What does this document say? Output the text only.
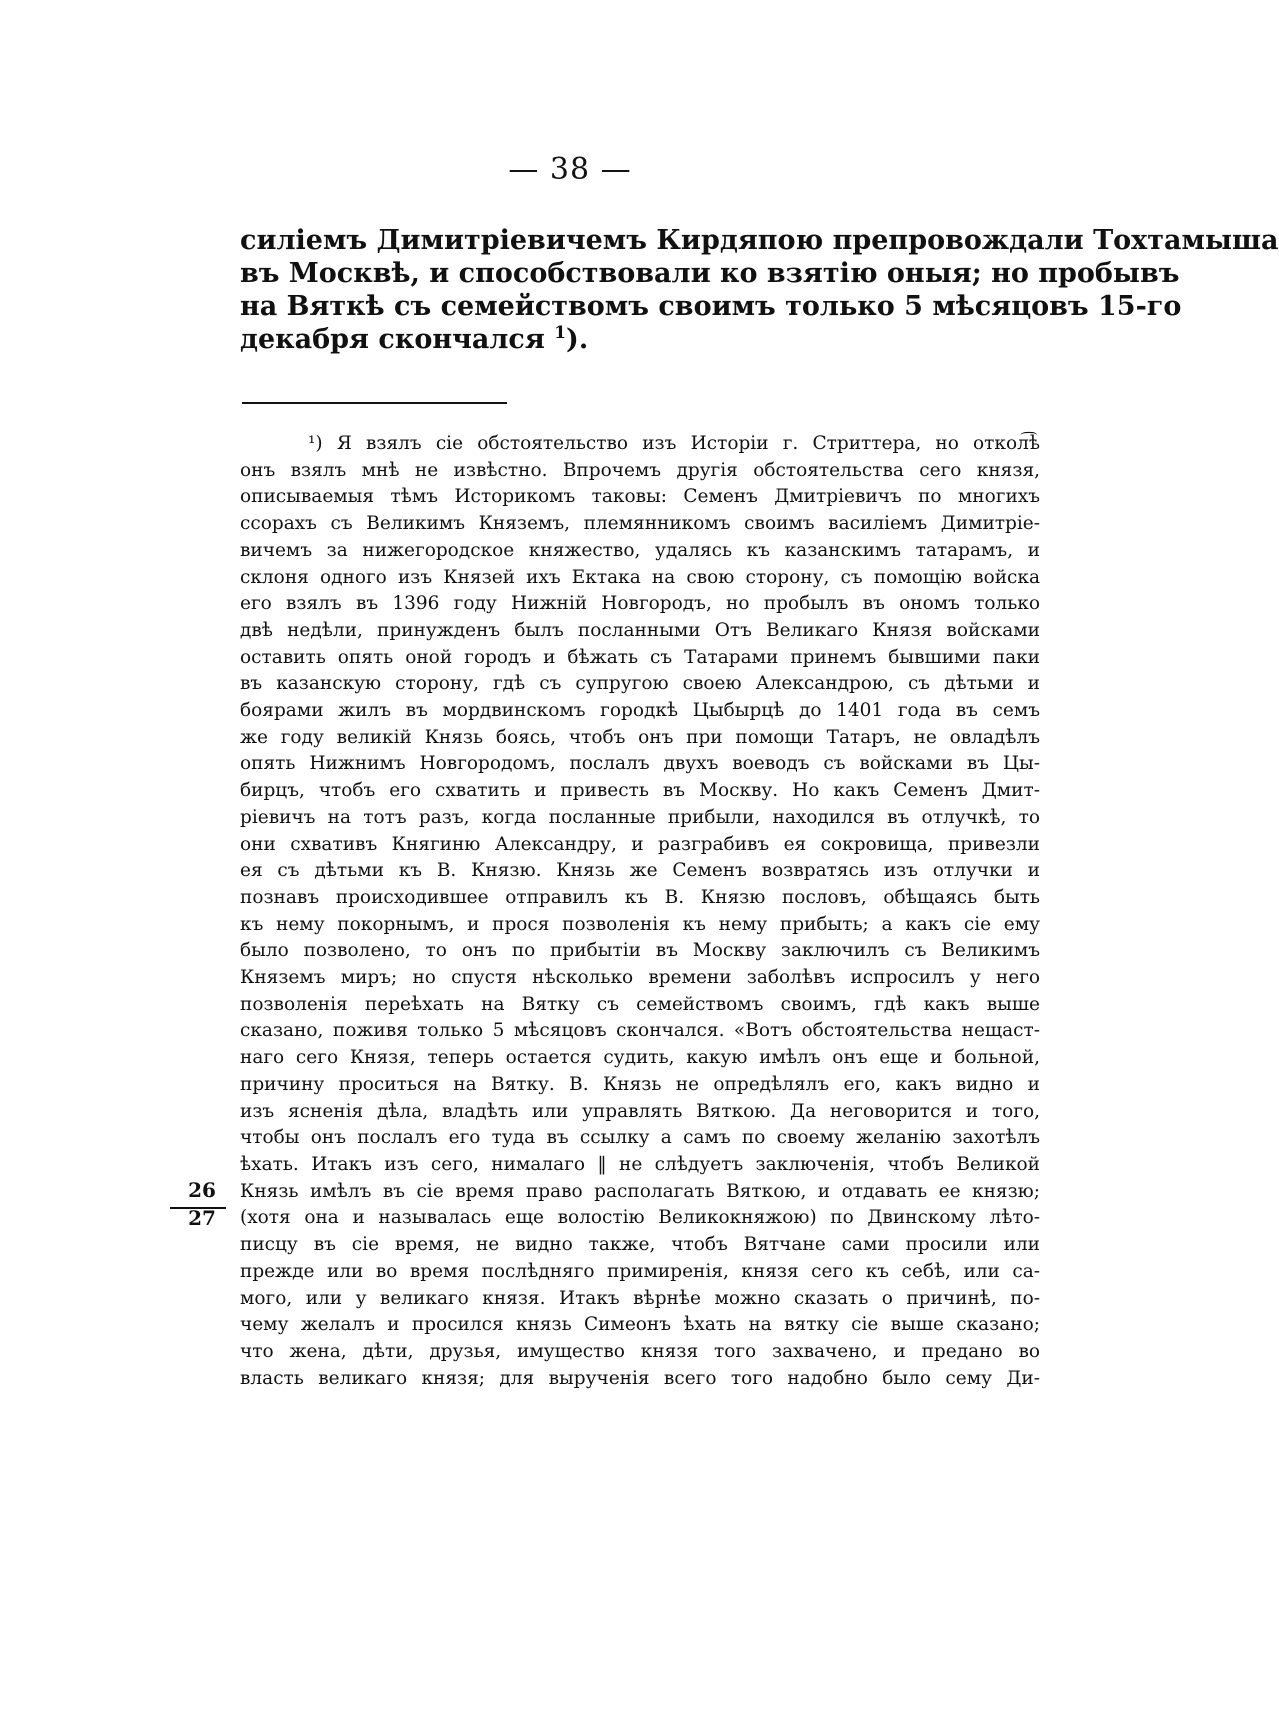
— 38 —
силіемъ Димитріевичемъ Кирдяпою препровождали Тохтамыша
въ Москвѣ, и способствовали ко взятію оныя; но пробывъ
на Вяткѣ съ семействомъ своимъ только 5 мѣсяцовъ 15-го
декабря скончался $^1$).
¹) Я взялъ сіе обстоятельство изъ Исторіи г. Стриттера, но откол͡ѣ
онъ взялъ мнѣ не извѣстно. Впрочемъ другія обстоятельства сего князя,
описываемыя тѣмъ Историкомъ таковы: Семенъ Дмитріевичъ по многихъ
ссорахъ съ Великимъ Княземъ, племянникомъ своимъ василіемъ Димитріе-
вичемъ за нижегородское княжество, удалясь къ казанскимъ татарамъ, и
склоня одного изъ Князей ихъ Ектака на свою сторону, съ помощію войска
его взялъ въ 1396 году Нижній Новгородъ, но пробылъ въ ономъ только
двѣ недѣли, принужденъ былъ посланными Отъ Великаго Князя войсками
оставить опять оной городъ и бѣжать съ Татарами принемъ бывшими паки
въ казанскую сторону, гдѣ съ супругою своею Александрою, съ дѣтьми и
боярами жилъ въ мордвинскомъ городкѣ Цыбырцѣ до 1401 года въ семъ
же году великій Князь боясь, чтобъ онъ при помощи Татаръ, не овладѣлъ
опять Нижнимъ Новгородомъ, послалъ двухъ воеводъ съ войсками въ Цы-
бирцъ, чтобъ его схватить и привесть въ Москву. Но какъ Семенъ Дмит-
ріевичъ на тотъ разъ, когда посланные прибыли, находился въ отлучкѣ, то
они схвативъ Княгиню Александру, и разграбивъ ея сокровища, привезли
ея съ дѣтьми къ В. Князю. Князь же Семенъ возвратясь изъ отлучки и
познавъ происходившее отправилъ къ В. Князю пословъ, обѣщаясь быть
къ нему покорнымъ, и прося позволенія къ нему прибыть; а какъ сіе ему
было позволено, то онъ по прибытіи въ Москву заключилъ съ Великимъ
Княземъ миръ; но спустя нѣсколько времени заболѣвъ испросилъ у него
позволенія переѣхать на Вятку съ семействомъ своимъ, гдѣ какъ выше
сказано, поживя только 5 мѣсяцовъ скончался. «Вотъ обстоятельства нещаст-
наго сего Князя, теперь остается судить, какую имѣлъ онъ еще и больной,
причину проситься на Вятку. В. Князь не опредѣлялъ его, какъ видно и
изъ ясненія дѣла, владѣть или управлять Вяткою. Да неговорится и того,
чтобы онъ послалъ его туда въ ссылку а самъ по своему желанію захотѣлъ
ѣхать. Итакъ изъ сего, нималаго ‖ не слѣдуетъ заключенія, чтобъ Великой
Князь имѣлъ въ сіе время право располагать Вяткою, и отдавать ее князю;
(хотя она и называлась еще волостію Великокняжою) по Двинскому лѣто-
писцу въ сіе время, не видно также, чтобъ Вятчане сами просили или
прежде или во время послѣдняго примиренія, князя сего къ себѣ, или са-
мого, или у великаго князя. Итакъ вѣрнѣе можно сказать о причинѣ, по-
чему желалъ и просился князь Симеонъ ѣхать на вятку сіе выше сказано;
что жена, дѣти, друзья, имущество князя того захвачено, и предано во
власть великаго князя; для вырученія всего того надобно было сему Ди-
26
27
